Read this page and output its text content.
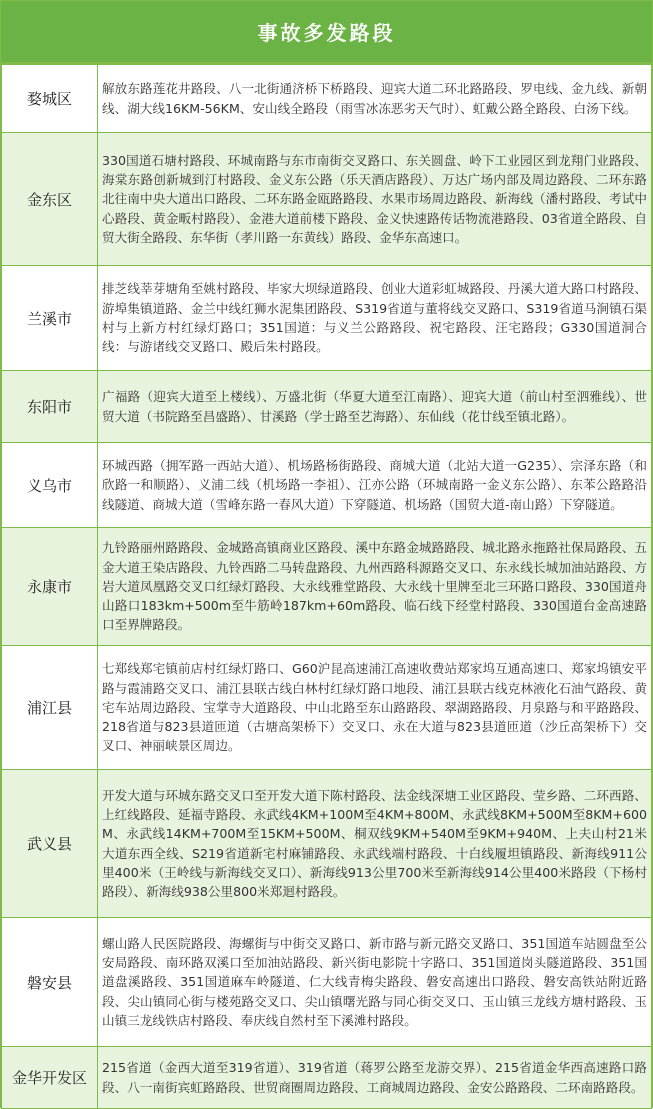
事故多发路段
婺城区	解放东路莲花井路段、八一北街通济桥下桥路段、迎宾大道二环北路路段、罗电线、金九线、新朝线、湖大线16KM-56KM、安山线全路段（雨雪冰冻恶劣天气时）、虹戴公路全路段、白汤下线。
金东区	330国道石塘村路段、环城南路与东市南街交叉路口、东关圆盘、岭下工业园区到龙翔门业路段、海棠东路创新城到汀村路段、金义东公路（乐天酒店路段）、万达广场内部及周边路段、二环东路北往南中央大道出口路段、二环东路金瓯路路段、水果市场周边路段、新海线（潘村路段、考试中心路段、黄金畈村路段）、金港大道前楼下路段、金义快速路传话物流港路段、03省道全路段、自贸大街全路段、东华街（孝川路一东黄线）路段、金华东高速口。
兰溪市	排芝线莘芽塘角至姚村路段、毕家大坝绿道路段、创业大道彩虹城路段、丹溪大道大路口村路段、游埠集镇道路、金兰中线红狮水泥集团路段、S319省道与董将线交叉路口、S319省道马涧镇石渠村与上新方村红绿灯路口；351国道：与义兰公路路段、祝宅路段、汪宅路段；G330国道洞合线：与游诸线交叉路口、殿后朱村路段。
东阳市	广福路（迎宾大道至上楼线）、万盛北街（华夏大道至江南路）、迎宾大道（前山村至泗雅线）、世贸大道（书院路至昌盛路）、甘溪路（学士路至艺海路）、东仙线（花廿线至镇北路）。
义乌市	环城西路（拥军路一西站大道）、机场路杨街路段、商城大道（北站大道一G235）、宗泽东路（和欣路一和顺路）、义浦二线（机场路一李祖）、江亦公路（环城南路一金义东公路）、东苯公路路沿线隧道、商城大道（雪峰东路一春风大道）下穿隧道、机场路（国贸大道-南山路）下穿隧道。
永康市	九铃路丽州路路段、金城路高镇商业区路段、溪中东路金城路路段、城北路永拖路社保局路段、五金大道王染店路段、九铃西路二马转盘路段、九州西路科源路交叉口、东永线长城加油站路段、方岩大道凤凰路交叉口红绿灯路段、大永线雅堂路段、大永线十里牌至北三环路口路段、330国道舟山路口183km+500m至牛筋岭187km+60m路段、临石线下经堂村路段、330国道台金高速路口至界牌路段。
浦江县	七郑线郑宅镇前店村红绿灯路口、G60沪昆高速浦江高速收费站郑家坞互通高速口、郑家坞镇安平路与霞浦路交叉口、浦江县联古线白林村红绿灯路口地段、浦江县联古线克林液化石油气路段、黄宅车站周边路段、宝掌寺大道路段、中山北路至东山路路段、翠湖路路段、月泉路与和平路路段、218省道与823县道匝道（古塘高架桥下）交叉口、永在大道与823县道匝道（沙丘高架桥下）交叉口、神丽峡景区周边。
武义县	开发大道与环城东路交叉口至开发大道下陈村路段、法金线深塘工业区路段、莹乡路、二环西路、上红线路段、延福寺路段、永武线4KM+100M至4KM+800M、永武线8KM+500M至8KM+600M、永武线14KM+700M至15KM+500M、桐双线9KM+540M至9KM+940M、上夫山村21米大道东西全线、S219省道新宅村麻铺路段、永武线端村路段、十白线履坦镇路段、新海线911公里400米（王岭线与新海线交叉口）、新海线913公里700米至新海线914公里400米路段（下杨村路段）、新海线938公里800米郑迴村路段。
磐安县	螺山路人民医院路段、海螺街与中街交叉路口、新市路与新元路交叉路口、351国道车站圆盘至公安局路段、南环路双溪口至加油站路段、新兴街电影院十字路口、351国道岗头隧道路段、351国道盘溪路段、351国道麻车岭隧道、仁大线青梅尖路段、磐安高速出口路段、磐安高铁站附近路段、尖山镇同心街与楼苑路交叉口、尖山镇曙光路与同心街交叉口、玉山镇三龙线方塘村路段、玉山镇三龙线铁店村路段、奉庆线自然村至下溪滩村路段。
金华开发区	215省道（金西大道至319省道）、319省道（蒋罗公路至龙游交界）、215省道金华西高速路口路段、八一南街宾虹路路段、世贸商圈周边路段、工商城周边路段、金安公路路段、二环南路路段。
